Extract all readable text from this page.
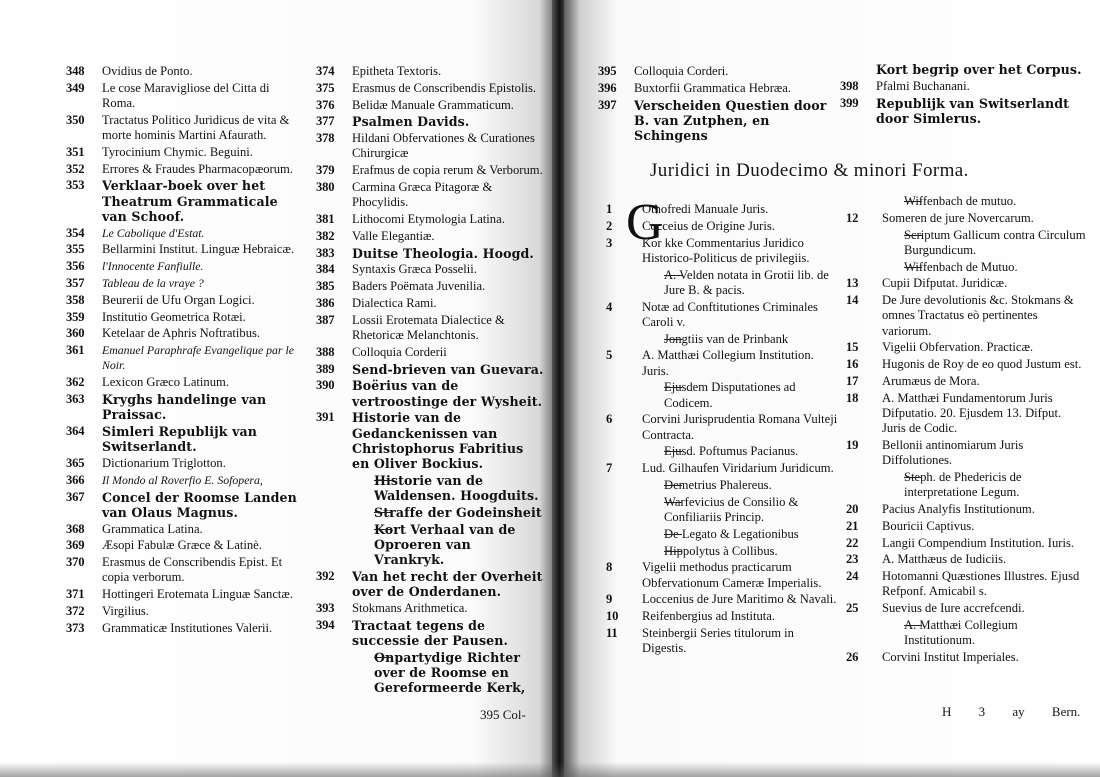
348	Ovidius de Ponto.
349	Le cose Maravigliose del Citta di Roma.
350	Tractatus Politico Juridicus de vita & morte hominis Martini Afaurath.
351	Tyrocinium Chymic. Beguini.
352	Errores & Fraudes Pharmacopæorum.
353	Verklaar-boek over het Theatrum Grammaticale van Schoof.
354	Le Cabolique d'Estat.
355	Bellarmini Institut. Linguæ Hebraicæ.
356	l'Innocente Fanfiulle.
357	Tableau de la vraye ?
358	Beurerii de Ufu Organ Logici.
359	Institutio Geometrica Rotæi.
360	Ketelaar de Aphris Noftratibus.
361	Emanuel Paraphrafe Evangelique par le Noir.
362	Lexicon Græco Latinum.
363	Kryghs handelinge van Praissac.
364	Simleri Republijk van Switserlandt.
365	Dictionarium Triglotton.
366	Il Mondo al Roverfio E. Sofopera,
367	Concel der Roomse Landen van Olaus Magnus.
368	Grammatica Latina.
369	Æsopi Fabulæ Græce & Latinè.
370	Erasmus de Conscribendis Epist. Et copia verborum.
371	Hottingeri Erotemata Linguæ Sanctæ.
372	Virgilius.
373	Grammaticæ Institutiones Valerii.
374	Epitheta Textoris.
375	Erasmus de Conscribendis Epistolis.
376	Belidæ Manuale Grammaticum.
377	Psalmen Davids.
378	Hildani Obfervationes & Curationes Chirurgicæ
379	Erafmus de copia rerum & Verborum.
380	Carmina Græca Pitagoræ & Phocylidis.
381	Lithocomi Etymologia Latina.
382	Valle Elegantiæ.
383	Duitse Theologia. Hoogd.
384	Syntaxis Græca Posselii.
385	Baders Poëmata Juvenilia.
386	Dialectica Rami.
387	Lossii Erotemata Dialectice & Rhetoricæ Melanchtonis.
388	Colloquia Corderii
389	Send-brieven van Guevara.
390	Boërius van de vertroostinge der Wysheit.
391	Historie van de Gedanckenissen van Christophorus Fabritius en Oliver Bockius.
Historie van de Waldensen. Hoogduits.
Straffe der Godeinsheit
Kort Verhaal van de Oproeren van Vrankryk.
392	Van het recht der Overheit over de Onderdanen.
393	Stokmans Arithmetica.
394	Tractaat tegens de successie der Pausen.
Onpartydige Richter over de Roomse en Gereformeerde Kerk,
395 Col-
395	Colloquia Corderi.
396	Buxtorfii Grammatica Hebræa.
397	Verscheiden Questien door B. van Zutphen, en Schingens
Kort begrip over het Corpus.
398	Pfalmi Buchanani.
399	Republijk van Switserlandt door Simlerus.
1	Othofredi Manuale Juris.
2	Cocceius de Origine Juris.
3	Kor kke Commentarius Juridico Historico-Politicus de privilegiis.
A. Velden notata in Grotii lib. de Jure B. & pacis.
4	Notæ ad Conftitutiones Criminales Caroli v.
Jongtiis van de Prinbank
5	A. Matthæi Collegium Institution. Juris.
Ejusdem Disputationes ad Codicem.
6	Corvini Jurisprudentia Romana Vulteji Contracta.
Ejusd. Poftumus Pacianus.
7	Lud. Gilhaufen Viridarium Juridicum.
Demetrius Phalereus.
Warfevicius de Consilio & Confiliariis Princip.
De Legato & Legationibus
Hippolytus à Collibus.
8	Vigelii methodus practicarum Obfervationum Cameræ Imperialis.
9	Loccenius de Jure Maritimo & Navali.
10	Reifenbergius ad Instituta.
11	Steinbergii Series titulorum in Digestis.
Wiffenbach de mutuo.
12	Someren de jure Novercarum.
Scriptum Gallicum contra Circulum Burgundicum.
Wiffenbach de Mutuo.
13	Cupii Difputat. Juridicæ.
14	De Jure devolutionis &c. Stokmans & omnes Tractatus eò pertinentes variorum.
15	Vigelii Obfervation. Practicæ.
16	Hugonis de Roy de eo quod Justum est.
17	Arumæus de Mora.
18	A. Matthæi Fundamentorum Juris Difputatio. 20. Ejusdem 13. Difput. Juris de Codic.
19	Bellonii antinomiarum Juris Diffolutiones.
Steph. de Phedericis de interpretatione Legum.
20	Pacius Analyfis Institutionum.
21	Bouricii Captivus.
22	Langii Compendium Institution. Iuris.
23	A. Matthæus de Iudiciis.
24	Hotomanni Quæstiones Illustres. Ejusd Refponf. Amicabil s.
25	Suevius de Iure accrefcendi.
A. Matthæi Collegium Institutionum.
26	Corvini Institut Imperiales.
Juridici in Duodecimo & minori Forma.
G
H 3 ay Bern.
